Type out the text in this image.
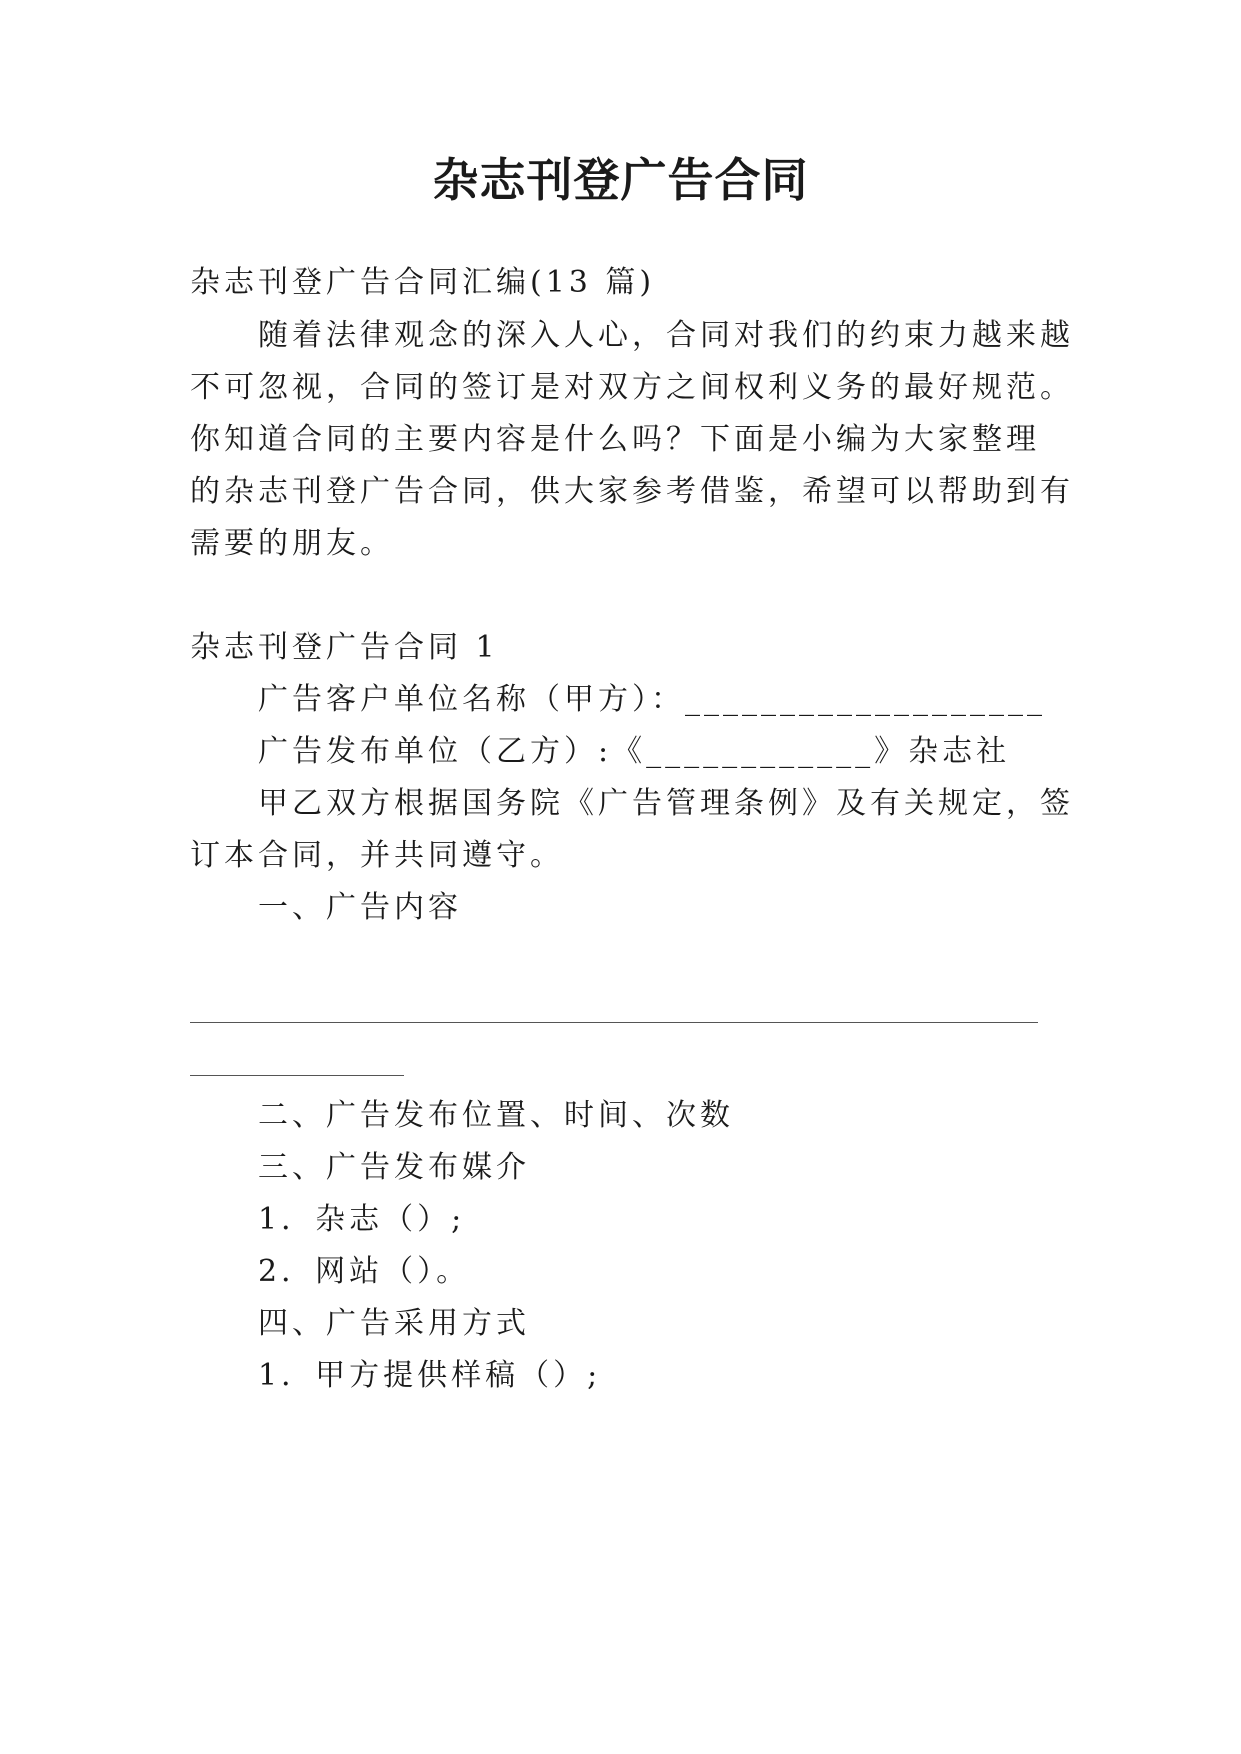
杂志刊登广告合同

杂志刊登广告合同汇编(13 篇)

随着法律观念的深入人心，合同对我们的约束力越来越

不可忽视，合同的签订是对双方之间权利义务的最好规范。

你知道合同的主要内容是什么吗？下面是小编为大家整理

的杂志刊登广告合同，供大家参考借鉴，希望可以帮助到有

需要的朋友。

杂志刊登广告合同 1

广告客户单位名称（甲方）：___________________

广告发布单位（乙方）:《____________》杂志社

甲乙双方根据国务院《广告管理条例》及有关规定，签

订本合同，并共同遵守。

一、广告内容

二、广告发布位置、时间、次数

三、广告发布媒介

1．杂志（）;

2．网站（）。

四、广告采用方式

1．甲方提供样稿（）;
